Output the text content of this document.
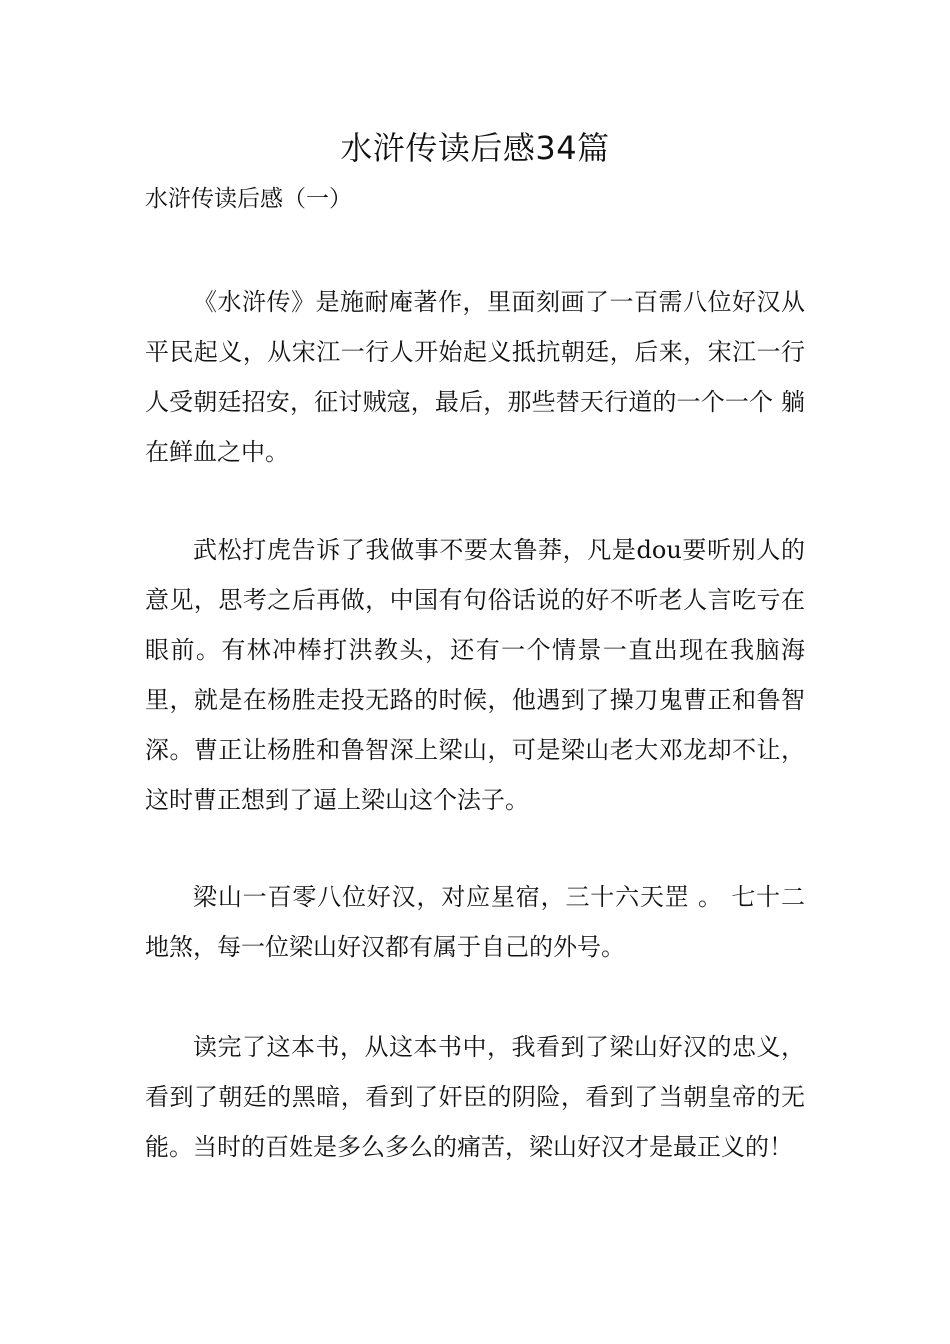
水浒传读后感34篇

水浒传读后感（一）

《水浒传》是施耐庵著作，里面刻画了一百需八位好汉从平民起义，从宋江一行人开始起义抵抗朝廷，后来，宋江一行人受朝廷招安，征讨贼寇，最后，那些替天行道的一个一个 躺在鲜血之中。

武松打虎告诉了我做事不要太鲁莽，凡是dou要听别人的意见，思考之后再做，中国有句俗话说的好不听老人言吃亏在眼前。有林冲棒打洪教头，还有一个情景一直出现在我脑海里，就是在杨胜走投无路的时候，他遇到了操刀鬼曹正和鲁智深。曹正让杨胜和鲁智深上梁山，可是梁山老大邓龙却不让，这时曹正想到了逼上梁山这个法子。

梁山一百零八位好汉，对应星宿，三十六天罡 。 七十二地煞，每一位梁山好汉都有属于自己的外号。

读完了这本书，从这本书中，我看到了梁山好汉的忠义，看到了朝廷的黑暗，看到了奸臣的阴险，看到了当朝皇帝的无能。当时的百姓是多么多么的痛苦，梁山好汉才是最正义的！
